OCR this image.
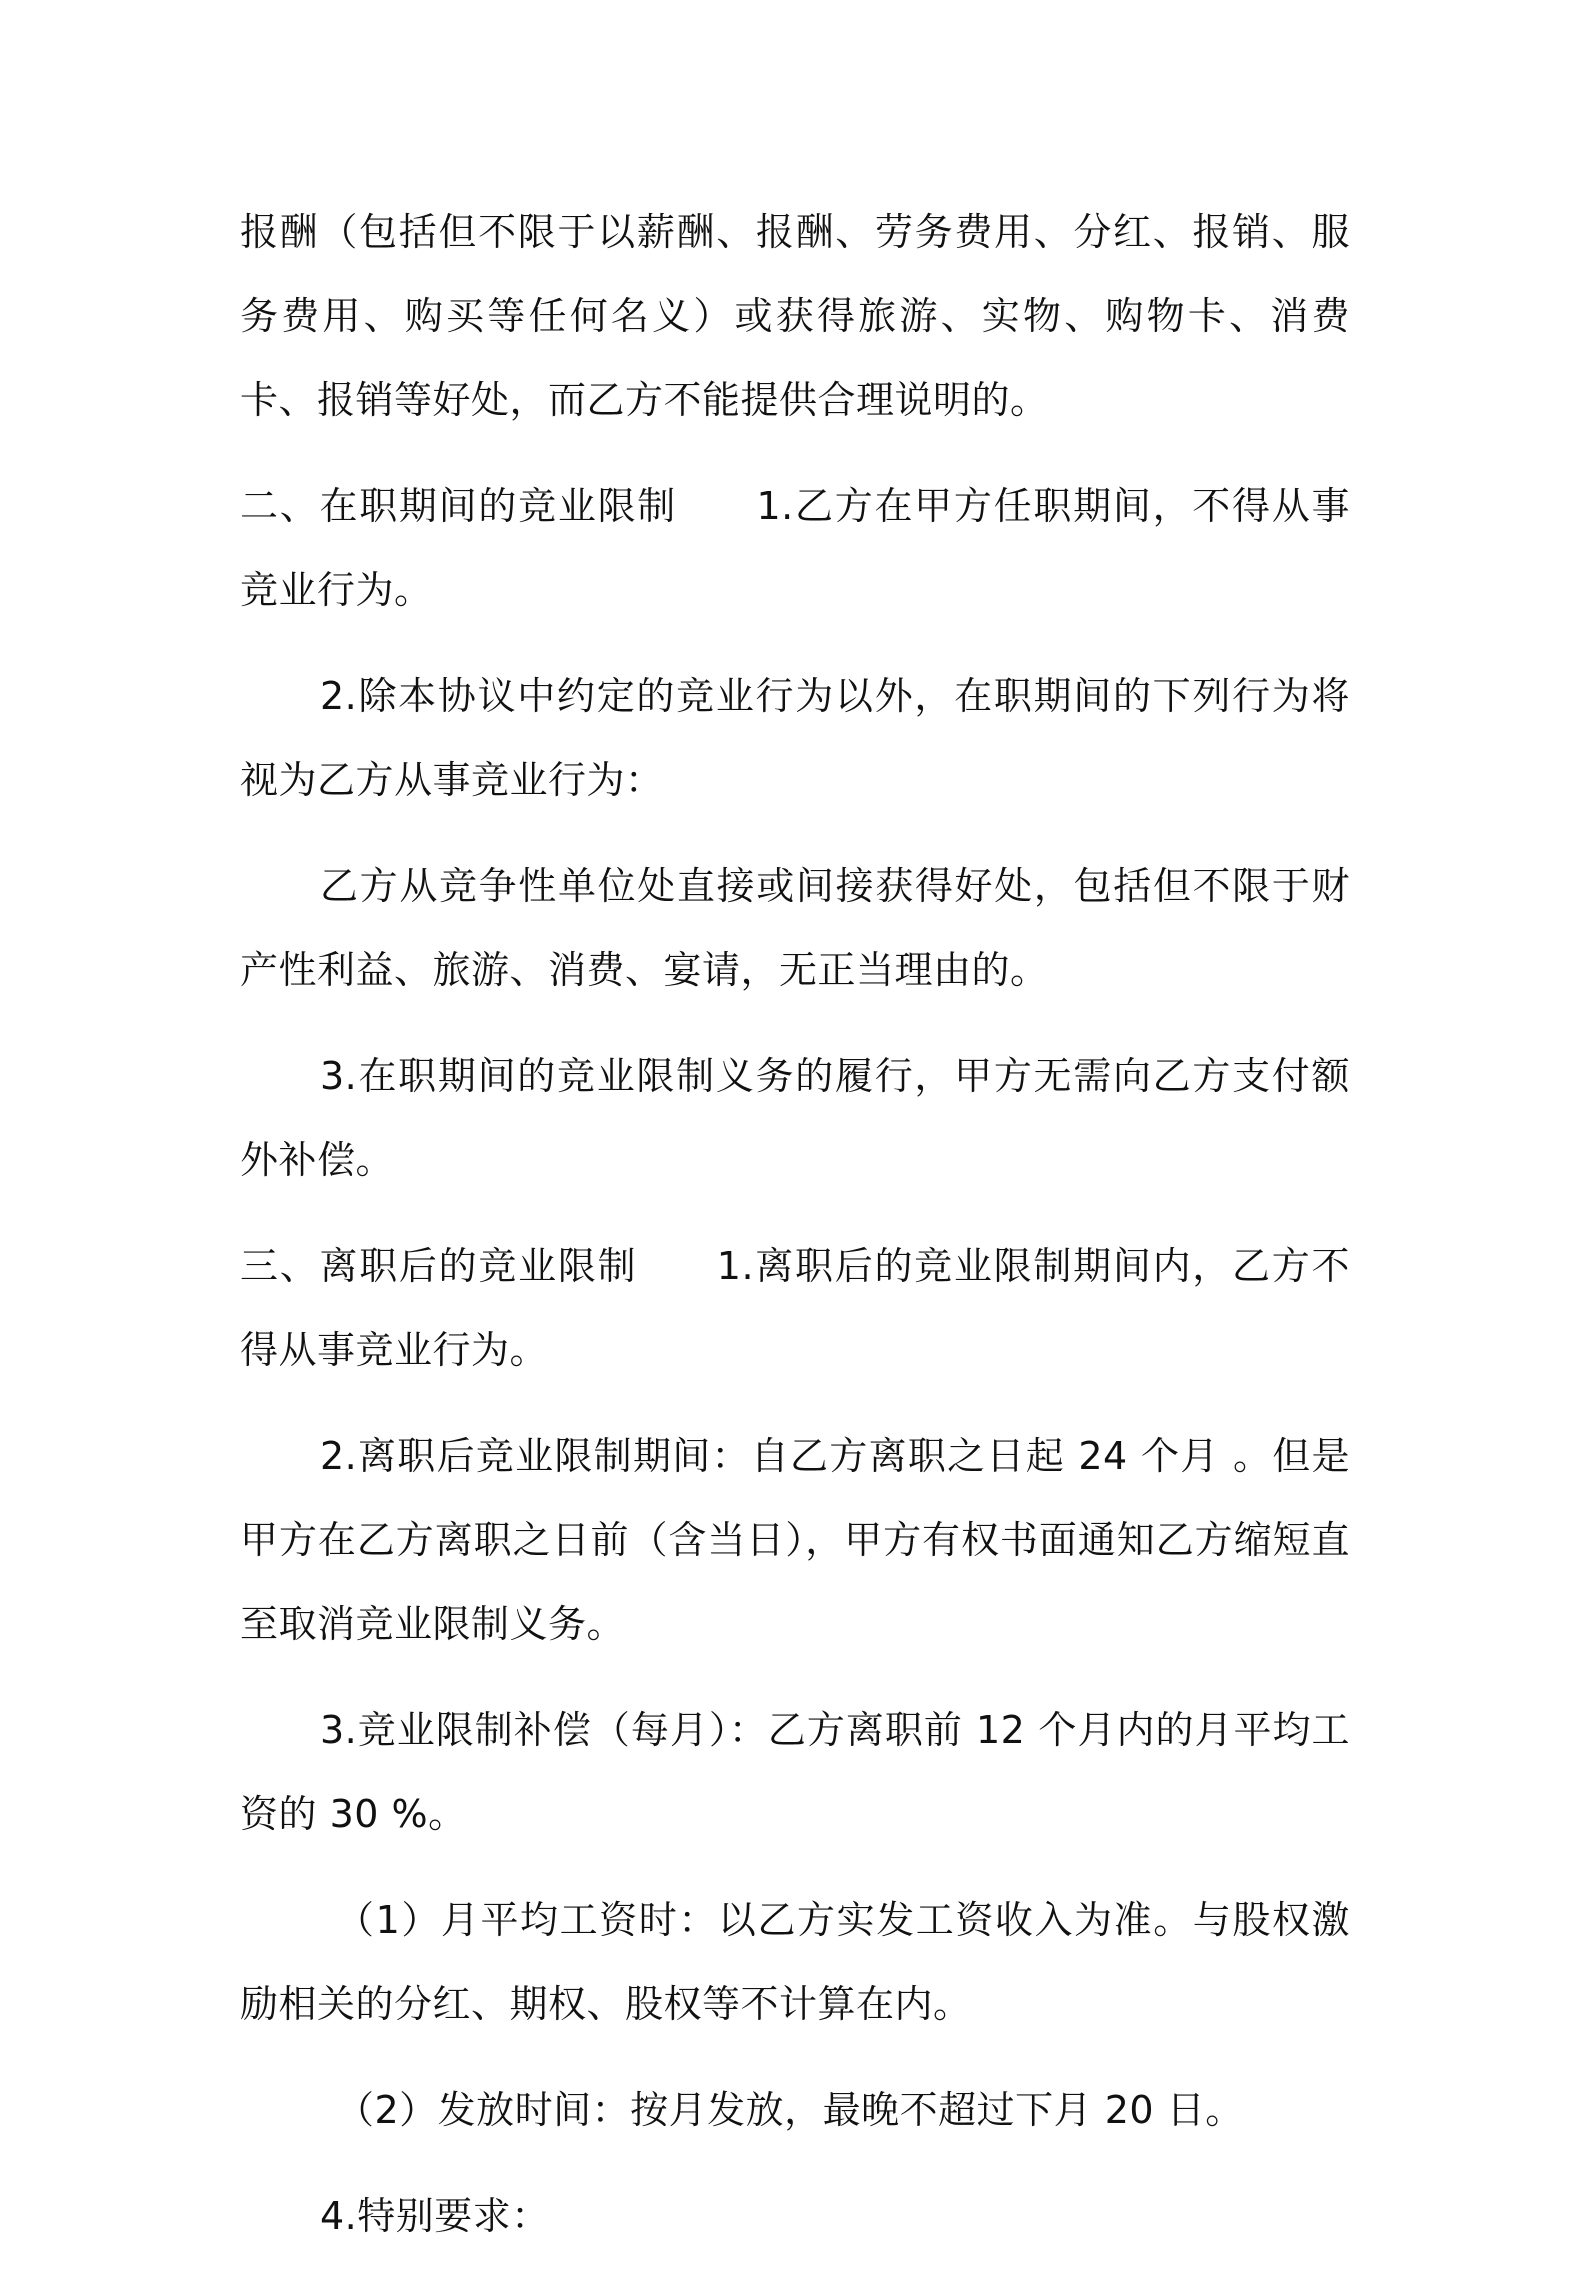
报酬（包括但不限于以薪酬、报酬、劳务费用、分红、报销、服务费用、购买等任何名义）或获得旅游、实物、购物卡、消费卡、报销等好处，而乙方不能提供合理说明的。

二、在职期间的竞业限制　　1.乙方在甲方任职期间，不得从事竞业行为。

2.除本协议中约定的竞业行为以外，在职期间的下列行为将视为乙方从事竞业行为：

乙方从竞争性单位处直接或间接获得好处，包括但不限于财产性利益、旅游、消费、宴请，无正当理由的。

3.在职期间的竞业限制义务的履行，甲方无需向乙方支付额外补偿。

三、离职后的竞业限制　　1.离职后的竞业限制期间内，乙方不得从事竞业行为。

2.离职后竞业限制期间：自乙方离职之日起 24 个月 。但是甲方在乙方离职之日前（含当日），甲方有权书面通知乙方缩短直至取消竞业限制义务。

3.竞业限制补偿（每月）：乙方离职前 12 个月内的月平均工资的 30 %。

（1）月平均工资时：以乙方实发工资收入为准。与股权激励相关的分红、期权、股权等不计算在内。

（2）发放时间：按月发放，最晚不超过下月 20 日。

4.特别要求：
